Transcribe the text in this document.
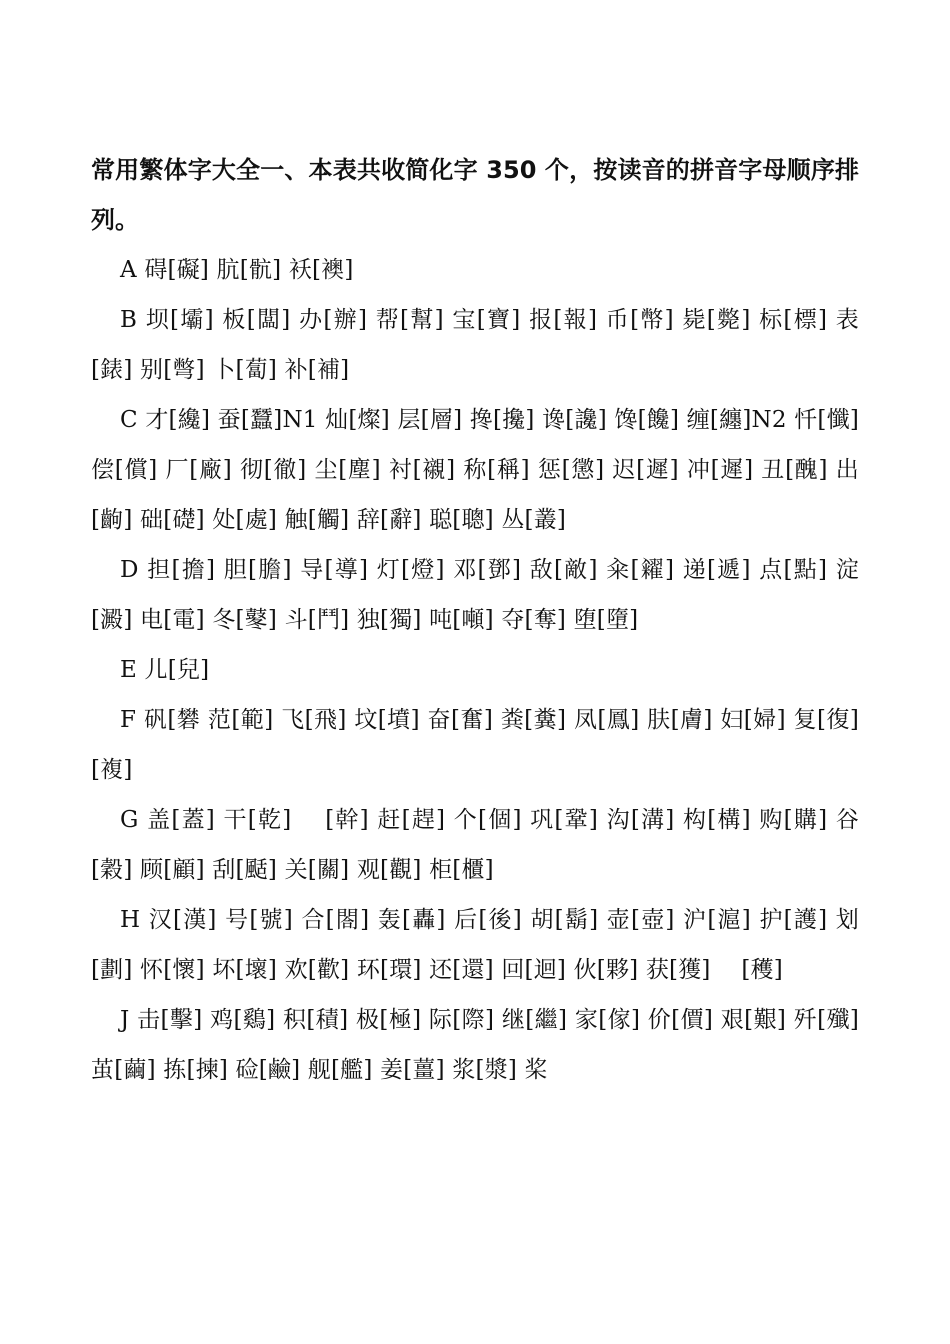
常用繁体字大全一、本表共收简化字 350 个，按读音的拼音字母顺序排列。

A 碍[礙] 肮[骯] 袄[襖]

B 坝[壩] 板[闆] 办[辦] 帮[幫] 宝[寶] 报[報] 币[幣] 毙[斃] 标[標] 表[錶] 别[彆] 卜[蔔] 补[補]

C 才[纔] 蚕[蠶]N1 灿[燦] 层[層] 搀[攙] 谗[讒] 馋[饞] 缠[纏]N2 忏[懺] 偿[償] 厂[廠] 彻[徹] 尘[塵] 衬[襯] 称[稱] 惩[懲] 迟[遲] 冲[遲] 丑[醜] 出[齣] 础[礎] 处[處] 触[觸] 辞[辭] 聪[聰] 丛[叢]

D 担[擔] 胆[膽] 导[導] 灯[燈] 邓[鄧] 敌[敵] 籴[糴] 递[遞] 点[點] 淀[澱] 电[電] 冬[鼕] 斗[鬥] 独[獨] 吨[噸] 夺[奪] 堕[墮]

E 儿[兒]

F 矾[礬 范[範] 飞[飛] 坟[墳] 奋[奮] 粪[糞] 凤[鳳] 肤[膚] 妇[婦] 复[復]　 [複]

G 盖[蓋] 干[乾]　 [幹] 赶[趕] 个[個] 巩[鞏] 沟[溝] 构[構] 购[購] 谷[穀] 顾[顧] 刮[颳] 关[關] 观[觀] 柜[櫃]

H 汉[漢] 号[號] 合[閤] 轰[轟] 后[後] 胡[鬍] 壶[壺] 沪[滬] 护[護] 划[劃] 怀[懷] 坏[壞] 欢[歡] 环[環] 还[還] 回[迴] 伙[夥] 获[獲]　 [穫]

J 击[擊] 鸡[鷄] 积[積] 极[極] 际[際] 继[繼] 家[傢] 价[價] 艰[艱] 歼[殲] 茧[繭] 拣[揀] 硷[鹼] 舰[艦] 姜[薑] 浆[漿] 桨
